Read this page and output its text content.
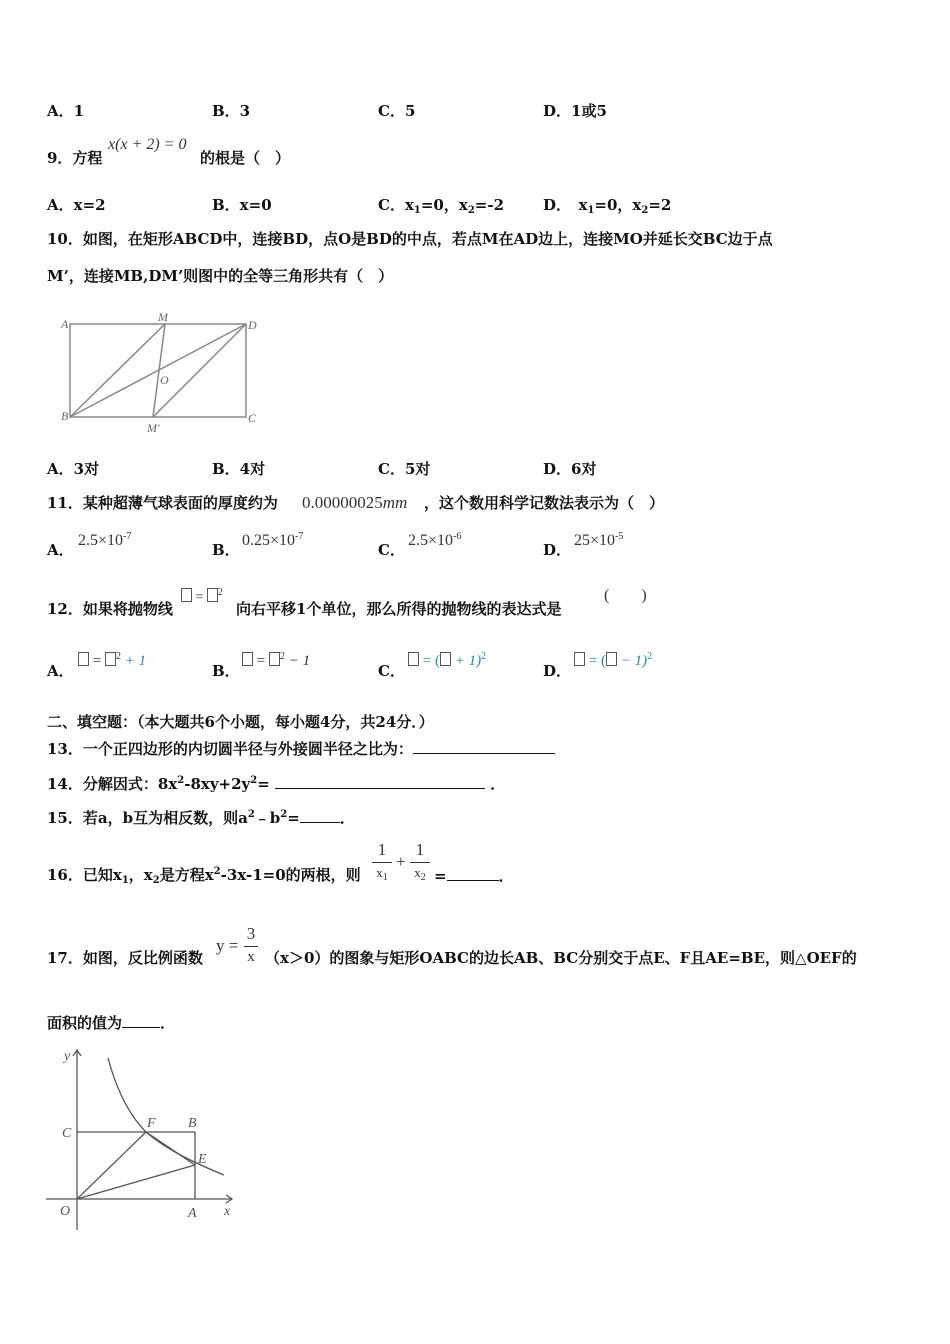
A．1	B．3	C．5	D．1或5
9．方程
x(x + 2) = 0
的根是（　）
A．x=2	B．x=0	C．$x_1=0$，$x_2=-2$	D．　$x_1=0$，$x_2=2$
10．如图，在矩形ABCD中，连接BD，点O是BD的中点，若点M在AD边上，连接MO并延长交BC边于点
M’，连接MB,DM’则图中的全等三角形共有（　）
A	M
D
O
B
M'
C
A．3对	B．4对	C．5对	D．6对
11．某种超薄气球表面的厚度约为 0.00000025mm ，这个数用科学记数法表示为（　）
A．
$2.5\times 10^{-7}$
B．
$0.25\times 10^{-7}$
C．
$2.5\times 10^{-6}$
D．
$25\times 10^{-5}$
12．如果将抛物线
= $^2$
向右平移1个单位，那么所得的抛物线的表达式是
(　　)
A．
= $^2$ + 1
B．
= $^2$ − 1
C．
= ( + 1)$^2$
D．
= ( − 1)$^2$
二、填空题：（本大题共6个小题，每小题4分，共24分．）
13．一个正四边形的内切圆半径与外接圆半径之比为：
14．分解因式：$8x^2-8xy+2y^2=$	．
15．若a，b互为相反数，则$a^2﹣b^2=$	．
16．已知$x_1$，$x_2$是方程$x^2-3x-1=0$的两根，则
1
$x_1$
+
1
$x_2$ =	．
17．如图，反比例函数
y =
3
x （x＞0）的图象与矩形OABC的边长AB、BC分别交于点E、F且AE=BE，则△OEF的
面积的值为	．
y
C
F B
E
O	A x
